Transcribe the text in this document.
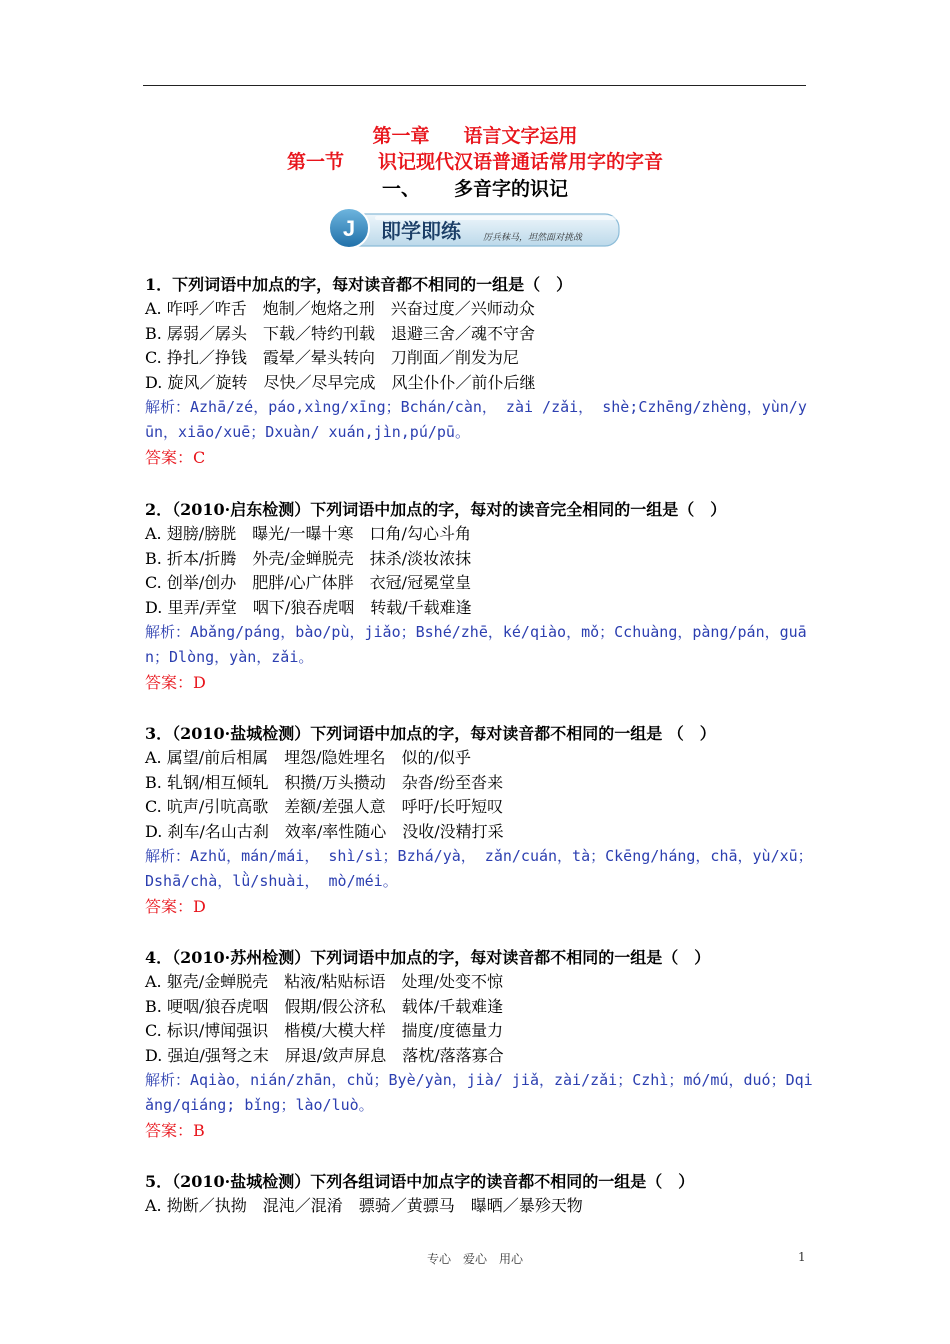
第一章 语言文字运用
第一节 识记现代汉语普通话常用字的字音
一、 多音字的识记
J 即学即练 厉兵秣马，坦然面对挑战
1．下列词语中加点的字，每对读音都不相同的一组是（　）
A. 咋呼／咋舌 炮制／炮烙之刑 兴奋过度／兴师动众
B. 孱弱／孱头 下载／特约刊载 退避三舍／魂不守舍
C. 挣扎／挣钱 霞晕／晕头转向 刀削面／削发为尼
D. 旋风／旋转 尽快／尽早完成 风尘仆仆／前仆后继
解析：Azhā/zé，páo,xìng/xīng；Bchán/càn， zài /zǎi， shè;Czhēng/zhèng，yùn/yūn，xiāo/xuē；Dxuàn/ xuán,jìn,pú/pū。
答案：C
2．（2010·启东检测）下列词语中加点的字，每对的读音完全相同的一组是（　）
A. 翅膀/膀胱 曝光/一曝十寒 口角/勾心斗角
B. 折本/折腾 外壳/金蝉脱壳 抹杀/淡妆浓抹
C. 创举/创办 肥胖/心广体胖 衣冠/冠冕堂皇
D. 里弄/弄堂 咽下/狼吞虎咽 转载/千载难逢
解析：Abǎng/páng，bào/pù，jiǎo；Bshé/zhē，ké/qiào，mǒ；Cchuàng，pàng/pán，guān；Dlòng，yàn，zǎi。
答案：D
3．（2010·盐城检测）下列词语中加点的字，每对读音都不相同的一组是 （　）
A. 属望/前后相属 埋怨/隐姓埋名 似的/似乎
B. 轧钢/相互倾轧 积攒/万头攒动 杂沓/纷至沓来
C. 吭声/引吭高歌 差额/差强人意 呼吁/长吁短叹
D. 刹车/名山古刹 效率/率性随心 没收/没精打采
解析：Azhǔ，mán/mái， shì/sì；Bzhá/yà， zǎn/cuán，tà；Ckēng/háng，chā，yù/xū；Dshā/chà，lǜ/shuài， mò/méi。
答案：D
4．（2010·苏州检测）下列词语中加点的字，每对读音都不相同的一组是（　）
A. 躯壳/金蝉脱壳 粘液/粘贴标语 处理/处变不惊
B. 哽咽/狼吞虎咽 假期/假公济私 载体/千载难逢
C. 标识/博闻强识 楷模/大模大样 揣度/度德量力
D. 强迫/强弩之末 屏退/敛声屏息 落枕/落落寡合
解析：Aqiào，nián/zhān，chǔ；Byè/yàn，jià/ jiǎ，zài/zǎi；Czhì；mó/mú，duó；Dqiǎng/qiáng; bǐng；lào/luò。
答案：B
5．（2010·盐城检测）下列各组词语中加点字的读音都不相同的一组是（　）
A. 拗断／执拗 混沌／混淆 骠骑／黄骠马 曝晒／暴殄天物
专心　爱心　用心	1
